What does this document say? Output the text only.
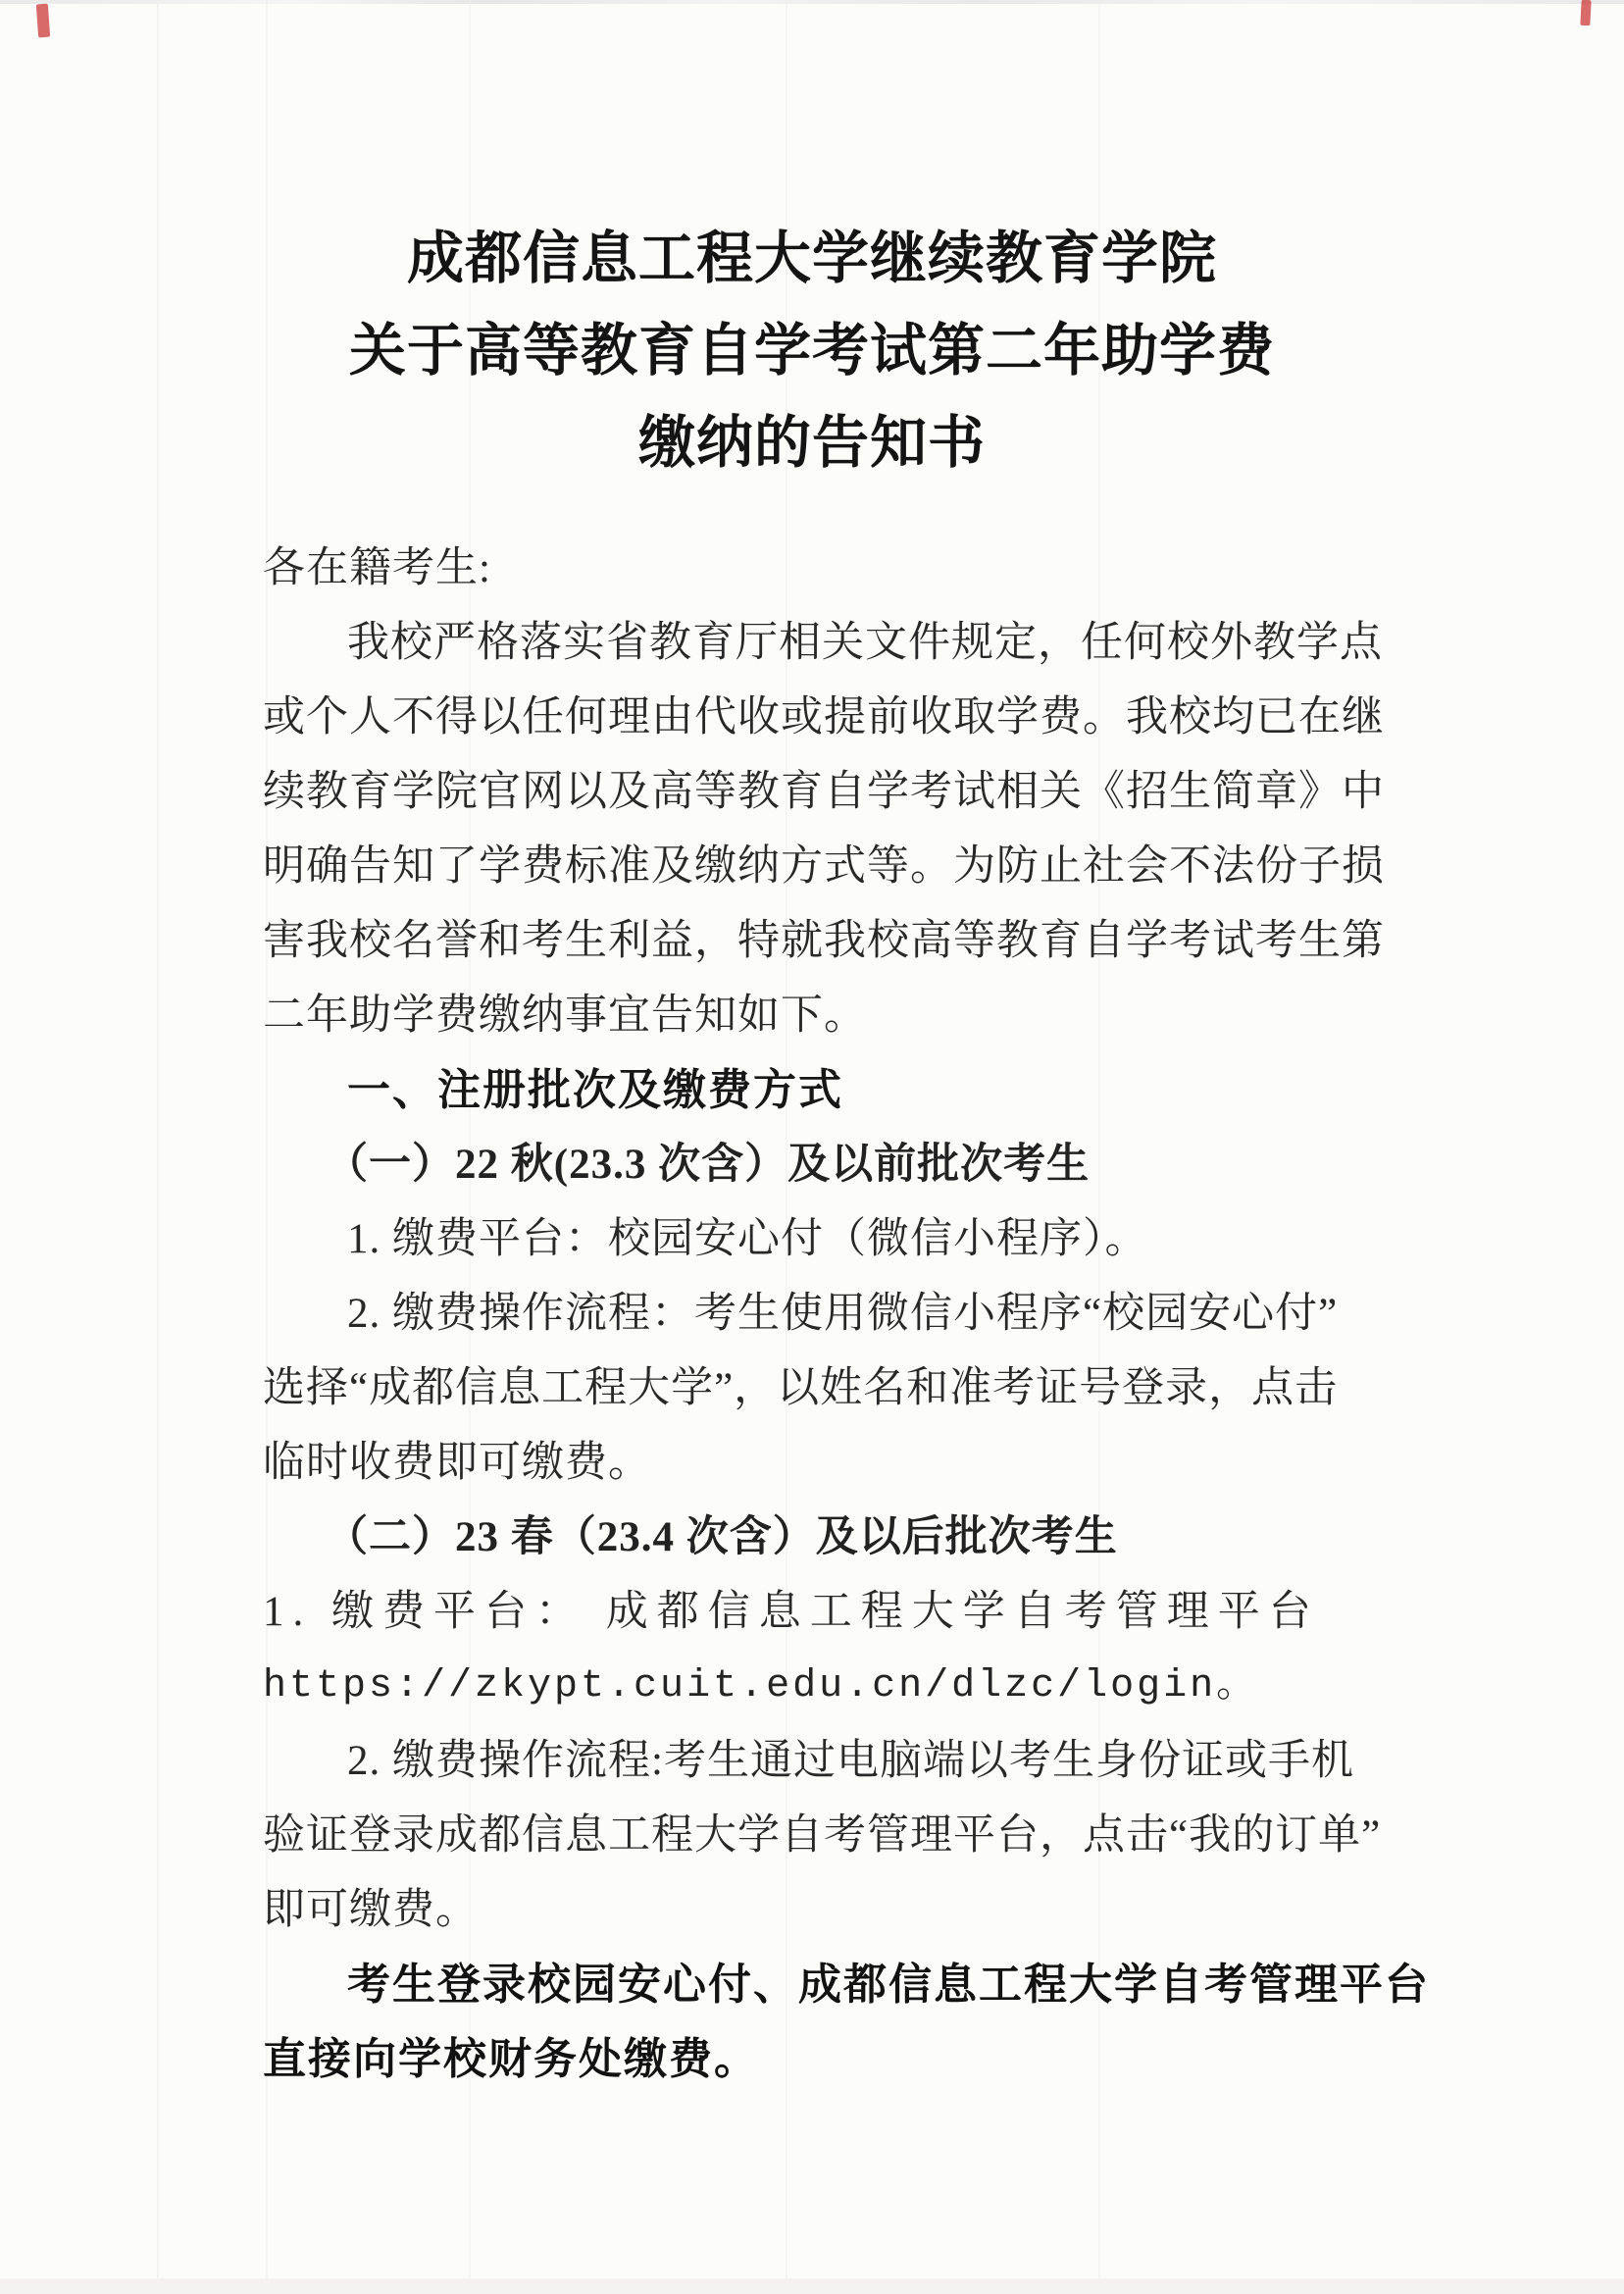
成都信息工程大学继续教育学院
关于高等教育自学考试第二年助学费
缴纳的告知书
各在籍考生:
我校严格落实省教育厅相关文件规定，任何校外教学点
或个人不得以任何理由代收或提前收取学费。我校均已在继
续教育学院官网以及高等教育自学考试相关《招生简章》中
明确告知了学费标准及缴纳方式等。为防止社会不法份子损
害我校名誉和考生利益，特就我校高等教育自学考试考生第
二年助学费缴纳事宜告知如下。
一、注册批次及缴费方式
（一）22 秋(23.3 次含）及以前批次考生
1. 缴费平台：校园安心付（微信小程序）。
2. 缴费操作流程：考生使用微信小程序“校园安心付”
选择“成都信息工程大学”，以姓名和准考证号登录，点击
临时收费即可缴费。
（二）23 春（23.4 次含）及以后批次考生
1. 缴费平台： 成都信息工程大学自考管理平台
https://zkypt.cuit.edu.cn/dlzc/login。
2. 缴费操作流程:考生通过电脑端以考生身份证或手机
验证登录成都信息工程大学自考管理平台，点击“我的订单”
即可缴费。
考生登录校园安心付、成都信息工程大学自考管理平台
直接向学校财务处缴费。
